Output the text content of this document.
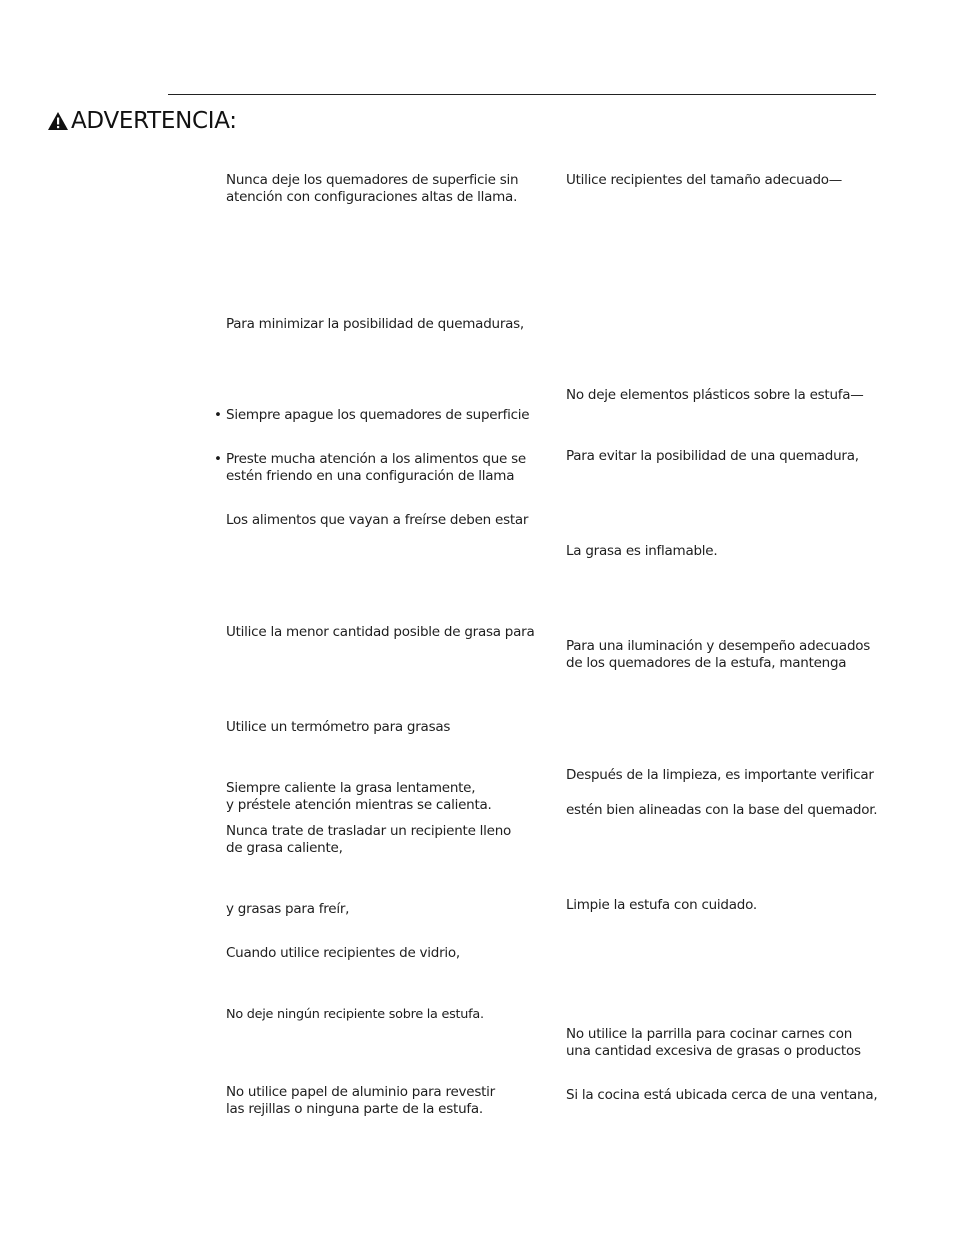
ADVERTENCIA:
Nunca deje los quemadores de superficie sin
atención con configuraciones altas de llama.
Para minimizar la posibilidad de quemaduras,
• Siempre apague los quemadores de superficie
• Preste mucha atención a los alimentos que se
estén friendo en una configuración de llama
Los alimentos que vayan a freírse deben estar
Utilice la menor cantidad posible de grasa para
Utilice un termómetro para grasas
Siempre caliente la grasa lentamente,
y préstele atención mientras se calienta.
Nunca trate de trasladar un recipiente lleno
de grasa caliente,
y grasas para freír,
Cuando utilice recipientes de vidrio,
No deje ningún recipiente sobre la estufa.
No utilice papel de aluminio para revestir
las rejillas o ninguna parte de la estufa.
Utilice recipientes del tamaño adecuado—
No deje elementos plásticos sobre la estufa—
Para evitar la posibilidad de una quemadura,
La grasa es inflamable.
Para una iluminación y desempeño adecuados
de los quemadores de la estufa, mantenga
Después de la limpieza, es importante verificar
estén bien alineadas con la base del quemador.
Limpie la estufa con cuidado.
No utilice la parrilla para cocinar carnes con
una cantidad excesiva de grasas o productos
Si la cocina está ubicada cerca de una ventana,
